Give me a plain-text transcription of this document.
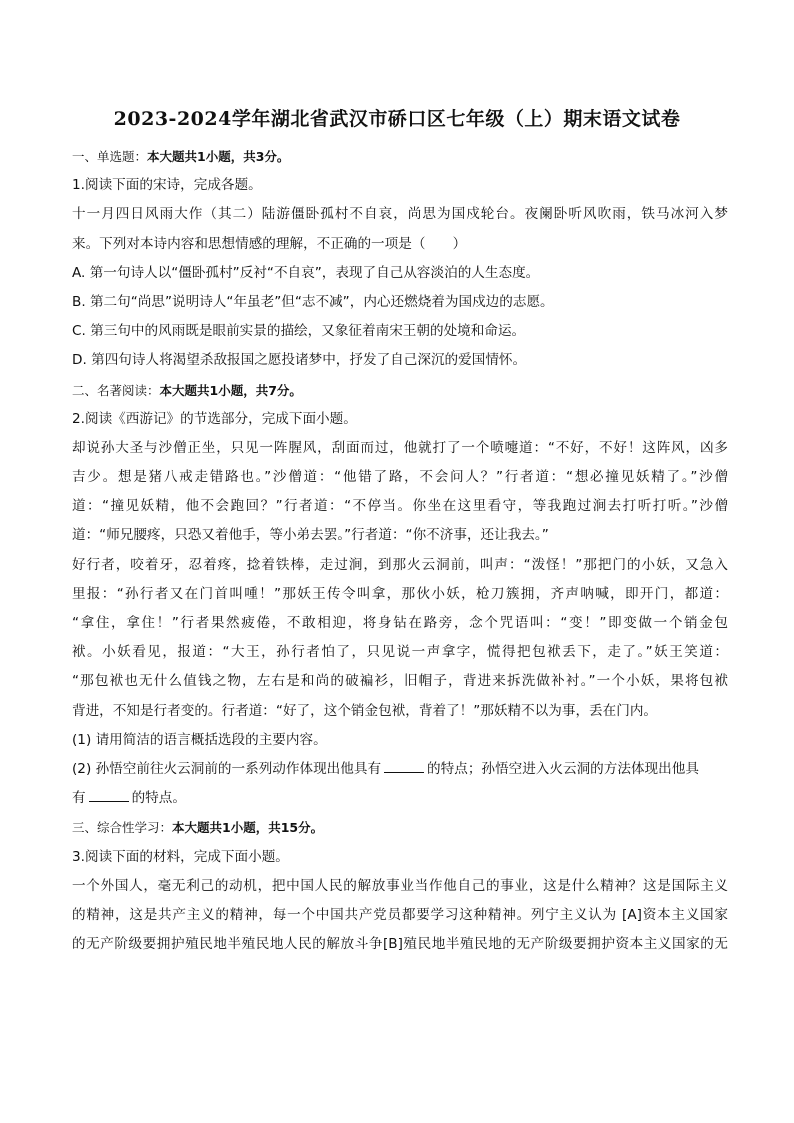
2023-2024学年湖北省武汉市硚口区七年级（上）期末语文试卷
一、单选题：本大题共1小题，共3分。
1.阅读下面的宋诗，完成各题。
十一月四日风雨大作（其二）陆游僵卧孤村不自哀，尚思为国戍轮台。夜阑卧听风吹雨，铁马冰河入梦
来。下列对本诗内容和思想情感的理解，不正确的一项是（　　）
A. 第一句诗人以“僵卧孤村”反衬“不自哀”，表现了自己从容淡泊的人生态度。
B. 第二句“尚思”说明诗人“年虽老”但“志不减”，内心还燃烧着为国戍边的志愿。
C. 第三句中的风雨既是眼前实景的描绘，又象征着南宋王朝的处境和命运。
D. 第四句诗人将渴望杀敌报国之愿投诸梦中，抒发了自己深沉的爱国情怀。
二、名著阅读：本大题共1小题，共7分。
2.阅读《西游记》的节选部分，完成下面小题。
却说孙大圣与沙僧正坐，只见一阵腥风，刮面而过，他就打了一个喷嚏道：“不好，不好！这阵风，凶多
吉少。想是猪八戒走错路也。”沙僧道：“他错了路，不会问人？”行者道：“想必撞见妖精了。”沙僧
道：“撞见妖精，他不会跑回？”行者道：“不停当。你坐在这里看守，等我跑过涧去打听打听。”沙僧
道：“师兄腰疼，只恐又着他手，等小弟去罢。”行者道：“你不济事，还让我去。”
好行者，咬着牙，忍着疼，捻着铁棒，走过涧，到那火云洞前，叫声：“泼怪！”那把门的小妖，又急入
里报：“孙行者又在门首叫喠！”那妖王传令叫拿，那伙小妖，枪刀簇拥，齐声呐喊，即开门，都道：
“拿住，拿住！”行者果然疲倦，不敢相迎，将身钻在路旁，念个咒语叫：“变！”即变做一个销金包
袱。小妖看见，报道：“大王，孙行者怕了，只见说一声拿字，慌得把包袱丢下，走了。”妖王笑道：
“那包袱也无什么值钱之物，左右是和尚的破褊衫，旧帽子，背进来拆洗做补衬。”一个小妖，果将包袱
背进，不知是行者变的。行者道：“好了，这个销金包袱，背着了！”那妖精不以为事，丢在门内。
(1) 请用简洁的语言概括选段的主要内容。
(2) 孙悟空前往火云洞前的一系列动作体现出他具有	的特点；孙悟空进入火云洞的方法体现出他具
有	的特点。
三、综合性学习：本大题共1小题，共15分。
3.阅读下面的材料，完成下面小题。
一个外国人，毫无利己的动机，把中国人民的解放事业当作他自己的事业，这是什么精神？这是国际主义
的精神，这是共产主义的精神，每一个中国共产党员都要学习这种精神。列宁主义认为 [A]资本主义国家
的无产阶级要拥护殖民地半殖民地人民的解放斗争[B]殖民地半殖民地的无产阶级要拥护资本主义国家的无
